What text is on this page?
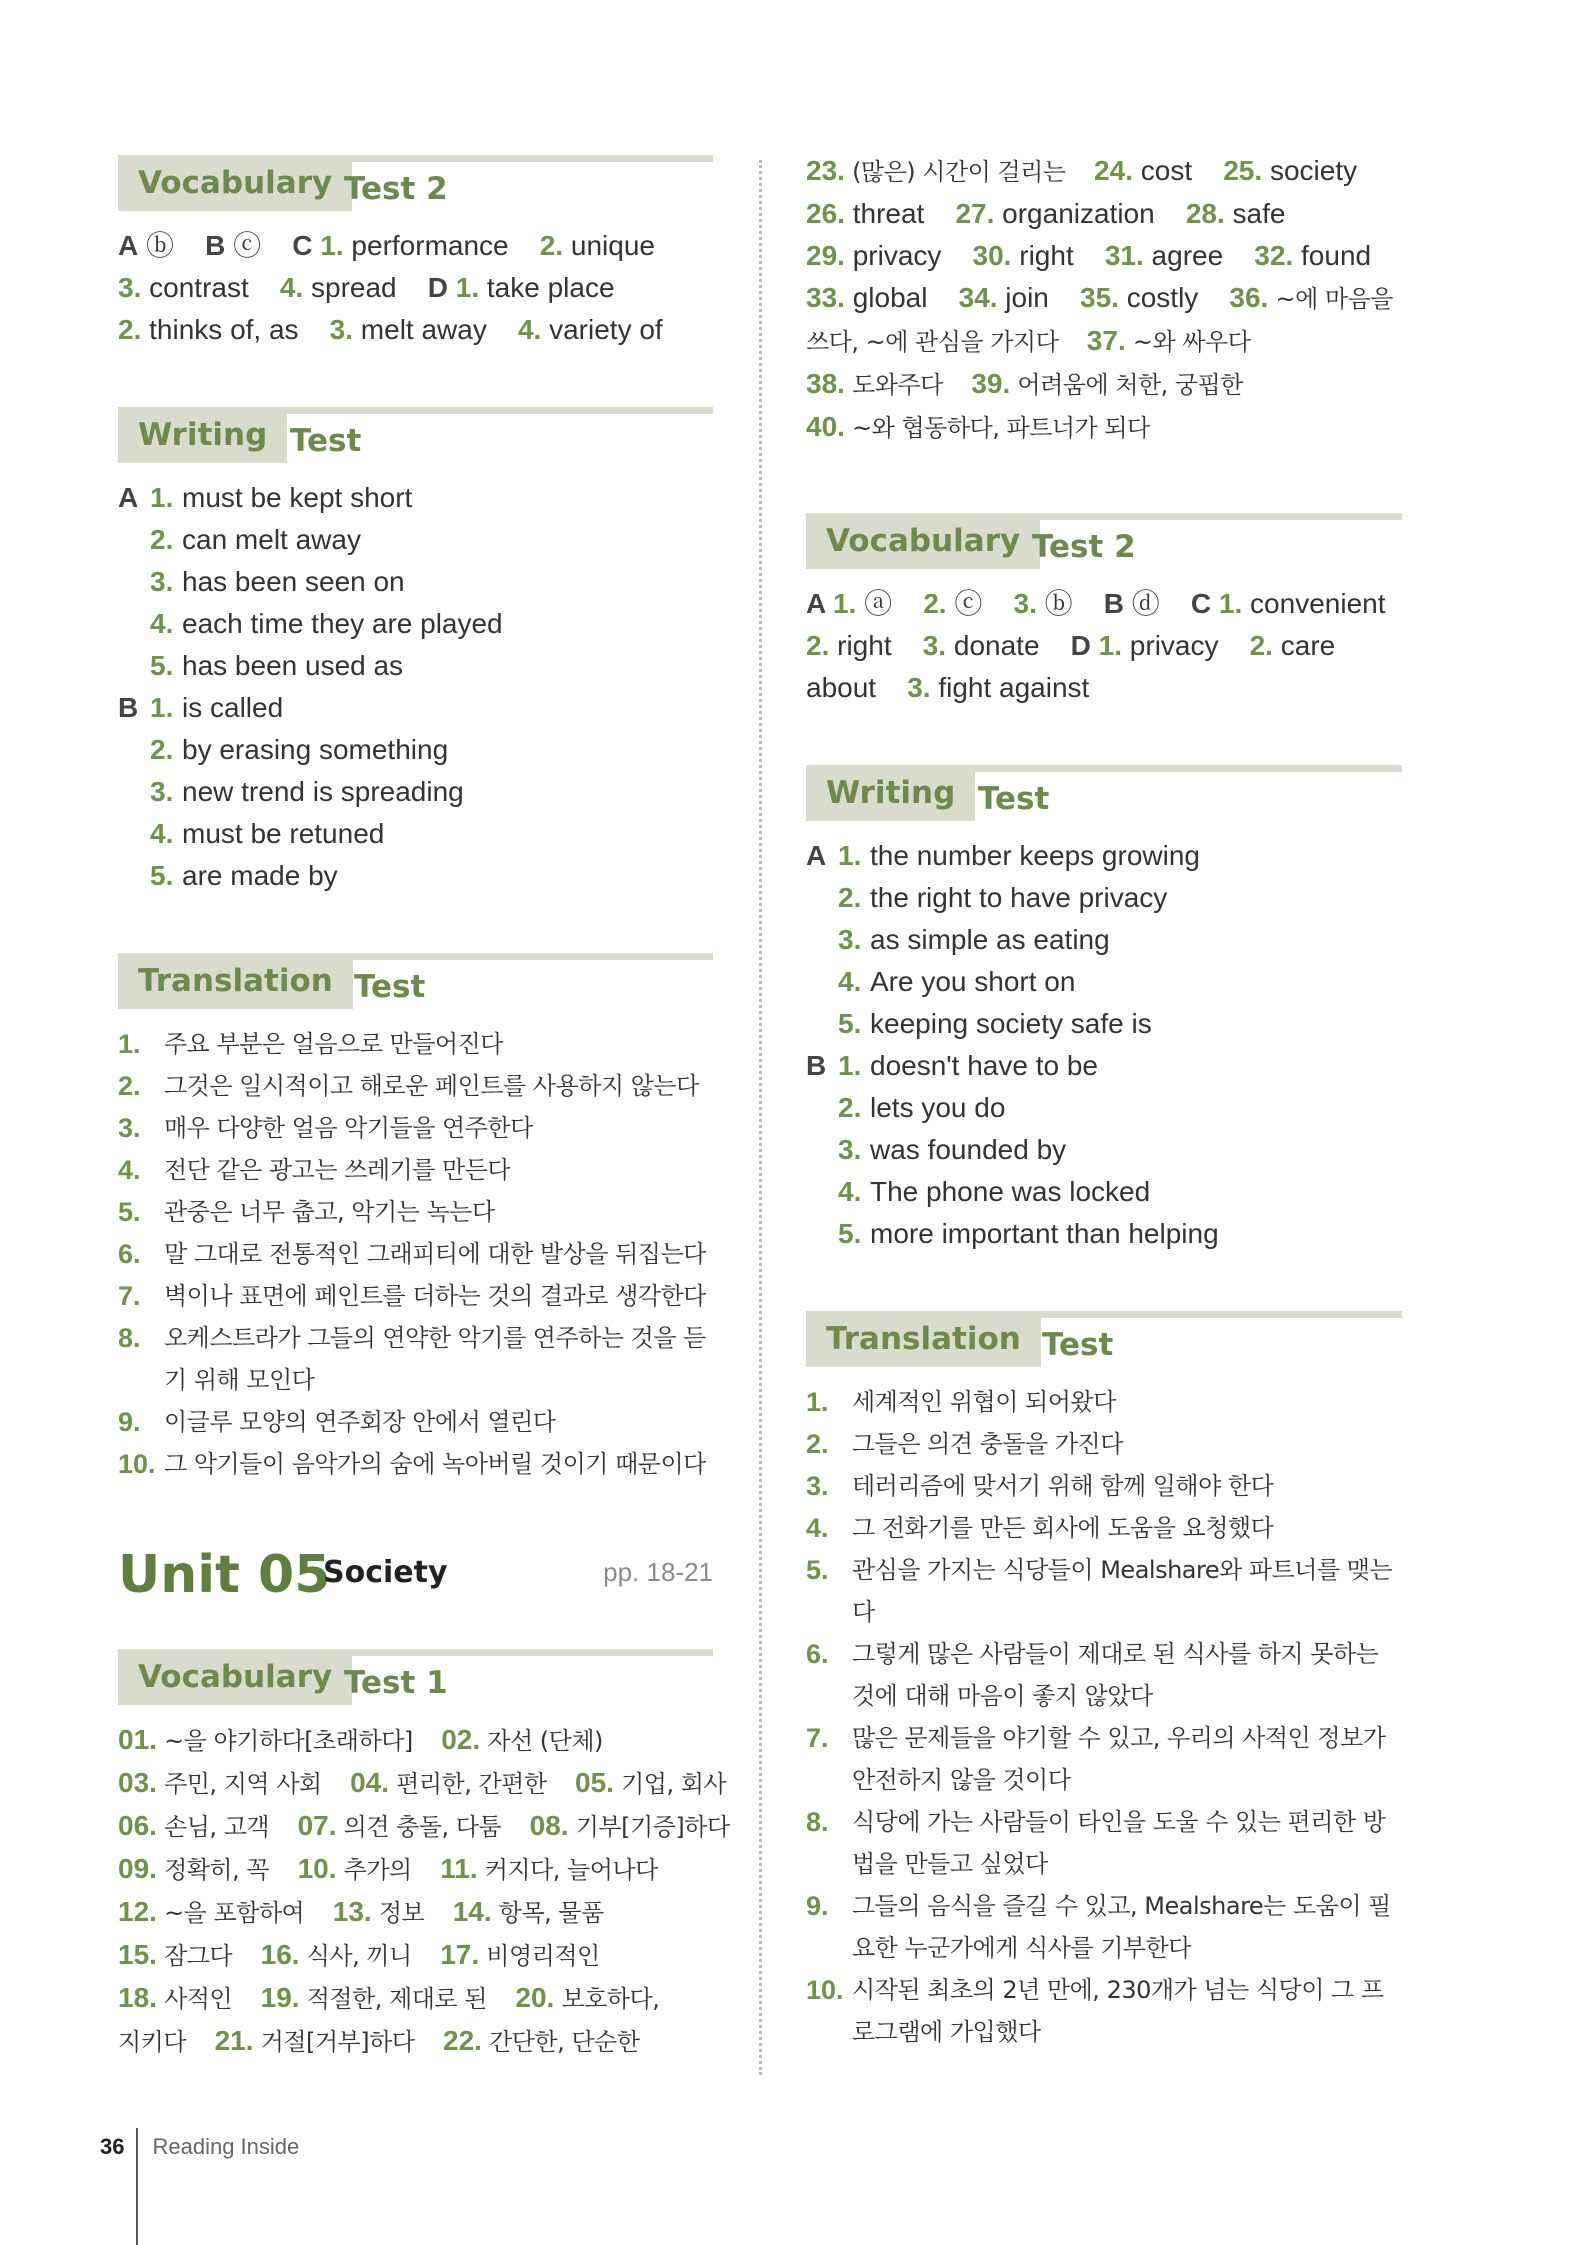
Vocabulary Test 2
A ⓑ    B ⓒ    C 1. performance    2. unique
3. contrast    4. spread    D 1. take place
2. thinks of, as    3. melt away    4. variety of
Writing Test
A 1. must be kept short
2. can melt away
3. has been seen on
4. each time they are played
5. has been used as
B 1. is called
2. by erasing something
3. new trend is spreading
4. must be retuned
5. are made by
Translation Test
1. 주요 부분은 얼음으로 만들어진다
2. 그것은 일시적이고 해로운 페인트를 사용하지 않는다
3. 매우 다양한 얼음 악기들을 연주한다
4. 전단 같은 광고는 쓰레기를 만든다
5. 관중은 너무 춥고, 악기는 녹는다
6. 말 그대로 전통적인 그래피티에 대한 발상을 뒤집는다
7. 벽이나 표면에 페인트를 더하는 것의 결과로 생각한다
8. 오케스트라가 그들의 연약한 악기를 연주하는 것을 듣기 위해 모인다
9. 이글루 모양의 연주회장 안에서 열린다
10. 그 악기들이 음악가의 숨에 녹아버릴 것이기 때문이다
Unit 05
Society	pp. 18-21
Vocabulary Test 1
01. ~을 야기하다[초래하다]    02. 자선 (단체)
03. 주민, 지역 사회    04. 편리한, 간편한    05. 기업, 회사
06. 손님, 고객    07. 의견 충돌, 다툼    08. 기부[기증]하다
09. 정확히, 꼭    10. 추가의    11. 커지다, 늘어나다
12. ~을 포함하여    13. 정보    14. 항목, 물품
15. 잠그다    16. 식사, 끼니    17. 비영리적인
18. 사적인    19. 적절한, 제대로 된    20. 보호하다,
지키다    21. 거절[거부]하다    22. 간단한, 단순한
23. (많은) 시간이 걸리는    24. cost    25. society
26. threat    27. organization    28. safe
29. privacy    30. right    31. agree    32. found
33. global    34. join    35. costly    36. ~에 마음을
쓰다, ~에 관심을 가지다    37. ~와 싸우다
38. 도와주다    39. 어려움에 처한, 궁핍한
40. ~와 협동하다, 파트너가 되다
Vocabulary Test 2
A 1. ⓐ    2. ⓒ    3. ⓑ    B ⓓ    C 1. convenient
2. right    3. donate    D 1. privacy    2. care
about    3. fight against
Writing Test
A 1. the number keeps growing
2. the right to have privacy
3. as simple as eating
4. Are you short on
5. keeping society safe is
B 1. doesn't have to be
2. lets you do
3. was founded by
4. The phone was locked
5. more important than helping
Translation Test
1. 세계적인 위협이 되어왔다
2. 그들은 의견 충돌을 가진다
3. 테러리즘에 맞서기 위해 함께 일해야 한다
4. 그 전화기를 만든 회사에 도움을 요청했다
5. 관심을 가지는 식당들이 Mealshare와 파트너를 맺는다
6. 그렇게 많은 사람들이 제대로 된 식사를 하지 못하는 것에 대해 마음이 좋지 않았다
7. 많은 문제들을 야기할 수 있고, 우리의 사적인 정보가 안전하지 않을 것이다
8. 식당에 가는 사람들이 타인을 도울 수 있는 편리한 방법을 만들고 싶었다
9. 그들의 음식을 즐길 수 있고, Mealshare는 도움이 필요한 누군가에게 식사를 기부한다
10. 시작된 최초의 2년 만에, 230개가 넘는 식당이 그 프로그램에 가입했다
36 Reading Inside
